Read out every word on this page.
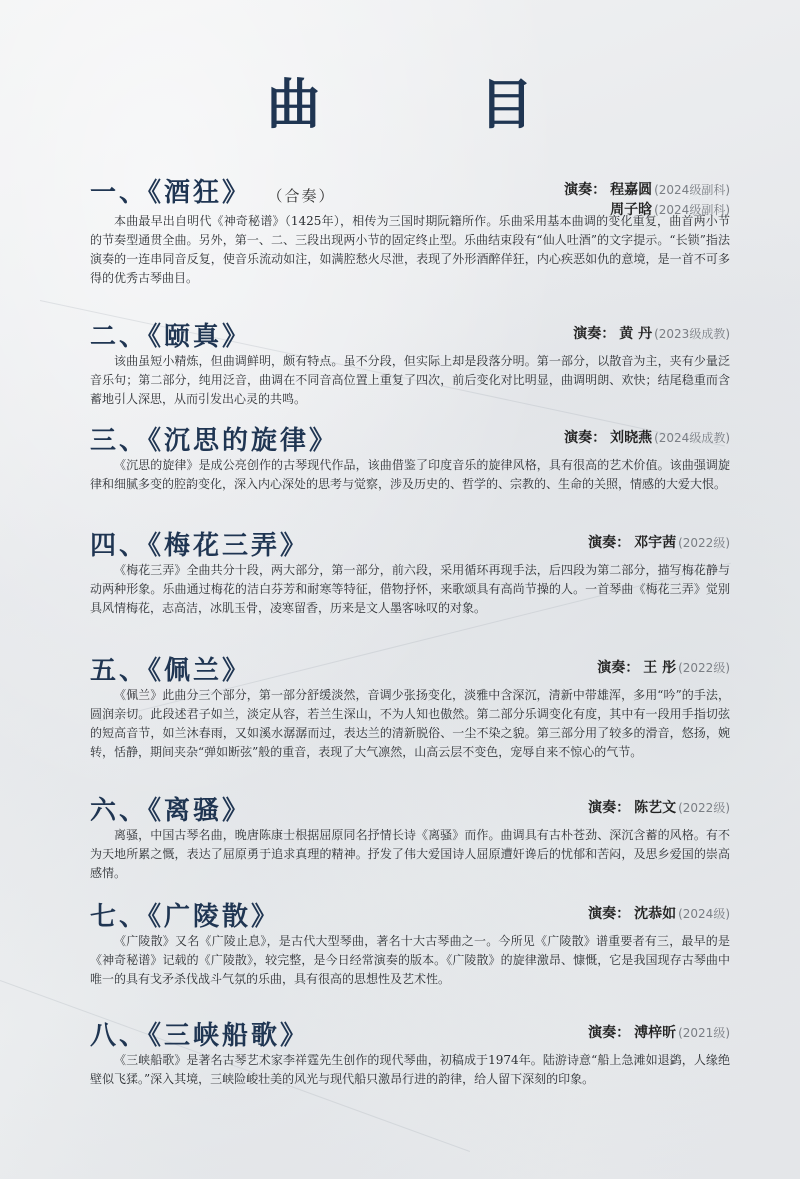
曲 目
一、《酒狂》 （合奏）	演奏： 程嘉圆 (2024级副科)
周子晗 (2024级副科)

本曲最早出自明代《神奇秘谱》（1425年），相传为三国时期阮籍所作。乐曲采用基本曲调的变化重复，曲首两小节的节奏型通贯全曲。另外，第一、二、三段出现两小节的固定终止型。乐曲结束段有“仙人吐酒”的文字提示。“长锁”指法演奏的一连串同音反复，使音乐流动如注，如满腔愁火尽泄，表现了外形酒醉佯狂，内心疾恶如仇的意境，是一首不可多得的优秀古琴曲目。

二、《颐真》	演奏： 黄 丹 (2023级成教)

该曲虽短小精炼，但曲调鲜明，颇有特点。虽不分段，但实际上却是段落分明。第一部分，以散音为主，夹有少量泛音乐句；第二部分，纯用泛音，曲调在不同音高位置上重复了四次，前后变化对比明显，曲调明朗、欢快；结尾稳重而含蓄地引人深思，从而引发出心灵的共鸣。

三、《沉思的旋律》	演奏： 刘晓燕 (2024级成教)

《沉思的旋律》是成公亮创作的古琴现代作品，该曲借鉴了印度音乐的旋律风格，具有很高的艺术价值。该曲强调旋律和细腻多变的腔韵变化，深入内心深处的思考与觉察，涉及历史的、哲学的、宗教的、生命的关照，情感的大爱大恨。

四、《梅花三弄》	演奏： 邓宇茜 (2022级)

《梅花三弄》全曲共分十段，两大部分，第一部分，前六段，采用循环再现手法，后四段为第二部分，描写梅花静与动两种形象。乐曲通过梅花的洁白芬芳和耐寒等特征，借物抒怀，来歌颂具有高尚节操的人。一首琴曲《梅花三弄》觉别具风情梅花，志高洁，冰肌玉骨，凌寒留香，历来是文人墨客咏叹的对象。

五、《佩兰》	演奏： 王 彤 (2022级)

《佩兰》此曲分三个部分，第一部分舒缓淡然，音调少张扬变化，淡雅中含深沉，清新中带雄浑，多用“吟”的手法，圆润亲切。此段述君子如兰，淡定从容，若兰生深山，不为人知也傲然。第二部分乐调变化有度，其中有一段用手指切弦的短高音节，如兰沐春雨，又如溪水潺潺而过，表达兰的清新脱俗、一尘不染之貌。第三部分用了较多的滑音，悠扬，婉转，恬静，期间夹杂“弹如断弦”般的重音，表现了大气凛然，山高云层不变色，宠辱自来不惊心的气节。

六、《离骚》	演奏： 陈艺文 (2022级)

离骚，中国古琴名曲，晚唐陈康士根据屈原同名抒情长诗《离骚》而作。曲调具有古朴苍劲、深沉含蓄的风格。有不为天地所累之慨，表达了屈原勇于追求真理的精神。抒发了伟大爱国诗人屈原遭奸谗后的忧郁和苦闷，及思乡爱国的崇高感情。

七、《广陵散》	演奏： 沈恭如 (2024级)

《广陵散》又名《广陵止息》，是古代大型琴曲，著名十大古琴曲之一。今所见《广陵散》谱重要者有三，最早的是《神奇秘谱》记载的《广陵散》，较完整，是今日经常演奏的版本。《广陵散》的旋律激昂、慷慨，它是我国现存古琴曲中唯一的具有戈矛杀伐战斗气氛的乐曲，具有很高的思想性及艺术性。

八、《三峡船歌》	演奏： 溥梓昕 (2021级)

《三峡船歌》是著名古琴艺术家李祥霆先生创作的现代琴曲，初稿成于1974年。陆游诗意“船上急滩如退鹢，人缘绝壁似飞猱。”深入其境，三峡险峻壮美的风光与现代船只激昂行进的韵律，给人留下深刻的印象。
